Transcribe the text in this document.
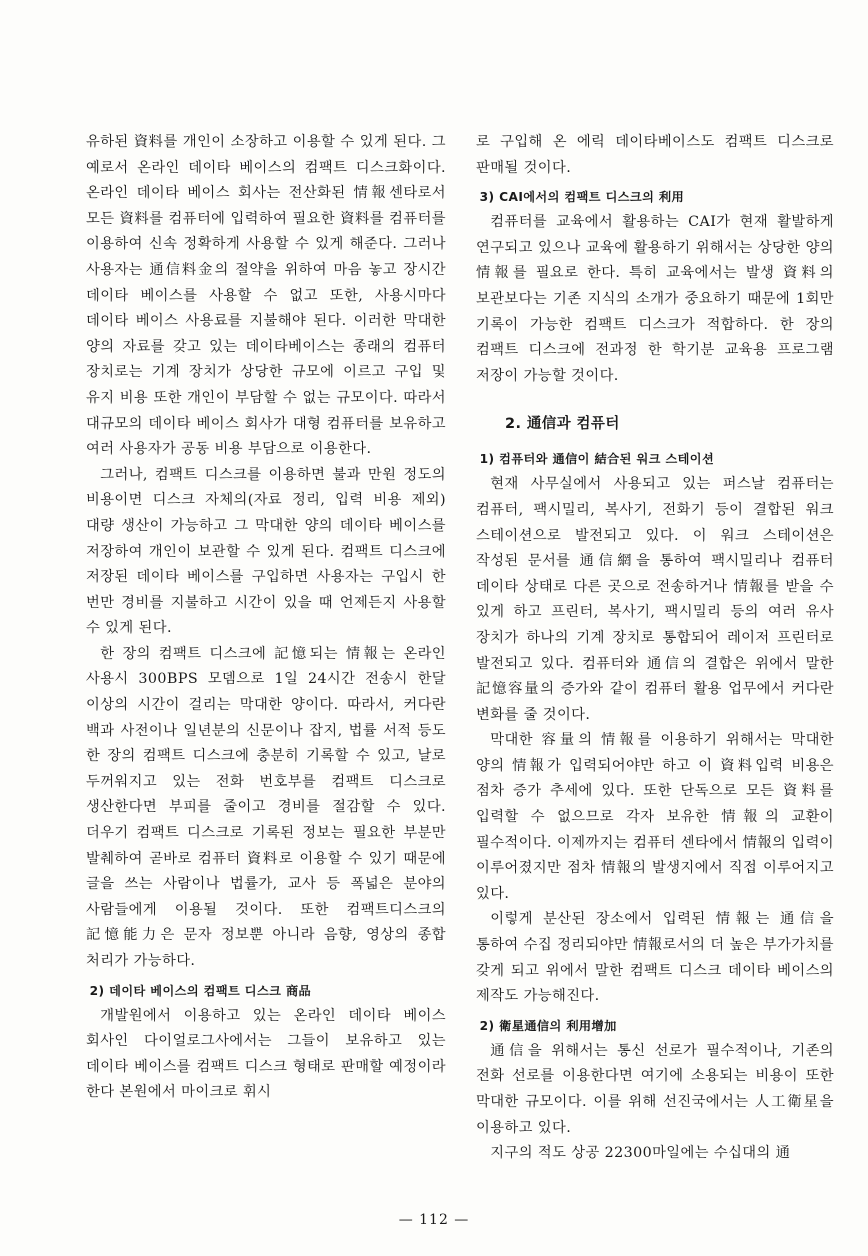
유하된 資料를 개인이 소장하고 이용할 수 있게 된다. 그 예로서 온라인 데이타 베이스의 컴팩트 디스크화이다. 온라인 데이타 베이스 회사는 전산화된 情報센타로서 모든 資料를 컴퓨터에 입력하여 필요한 資料를 컴퓨터를 이용하여 신속 정확하게 사용할 수 있게 해준다. 그러나 사용자는 通信料金의 절약을 위하여 마음 놓고 장시간 데이타 베이스를 사용할 수 없고 또한, 사용시마다 데이타 베이스 사용료를 지불해야 된다. 이러한 막대한 양의 자료를 갖고 있는 데이타베이스는 종래의 컴퓨터 장치로는 기계 장치가 상당한 규모에 이르고 구입 및 유지 비용 또한 개인이 부담할 수 없는 규모이다. 따라서 대규모의 데이타 베이스 회사가 대형 컴퓨터를 보유하고 여러 사용자가 공동 비용 부담으로 이용한다.

그러나, 컴팩트 디스크를 이용하면 불과 만원 정도의 비용이면 디스크 자체의(자료 정리, 입력 비용 제외) 대량 생산이 가능하고 그 막대한 양의 데이타 베이스를 저장하여 개인이 보관할 수 있게 된다. 컴팩트 디스크에 저장된 데이타 베이스를 구입하면 사용자는 구입시 한 번만 경비를 지불하고 시간이 있을 때 언제든지 사용할 수 있게 된다.

한 장의 컴팩트 디스크에 記憶되는 情報는 온라인 사용시 300BPS 모뎀으로 1일 24시간 전송시 한달 이상의 시간이 걸리는 막대한 양이다. 따라서, 커다란 백과 사전이나 일년분의 신문이나 잡지, 법률 서적 등도 한 장의 컴팩트 디스크에 충분히 기록할 수 있고, 날로 두꺼워지고 있는 전화 번호부를 컴팩트 디스크로 생산한다면 부피를 줄이고 경비를 절감할 수 있다. 더우기 컴팩트 디스크로 기록된 정보는 필요한 부분만 발췌하여 곧바로 컴퓨터 資料로 이용할 수 있기 때문에 글을 쓰는 사람이나 법률가, 교사 등 폭넓은 분야의 사람들에게 이용될 것이다. 또한 컴팩트디스크의 記憶能力은 문자 정보뿐 아니라 음향, 영상의 종합 처리가 가능하다.

2) 데이타 베이스의 컴팩트 디스크 商品

개발원에서 이용하고 있는 온라인 데이타 베이스 회사인 다이얼로그사에서는 그들이 보유하고 있는 데이타 베이스를 컴팩트 디스크 형태로 판매할 예정이라 한다 본원에서 마이크로 휘시

로 구입해 온 에릭 데이타베이스도 컴팩트 디스크로 판매될 것이다.

3) CAI에서의 컴팩트 디스크의 利用

컴퓨터를 교육에서 활용하는 CAI가 현재 활발하게 연구되고 있으나 교육에 활용하기 위해서는 상당한 양의 情報를 필요로 한다. 특히 교육에서는 발생 資料의 보관보다는 기존 지식의 소개가 중요하기 때문에 1회만 기록이 가능한 컴팩트 디스크가 적합하다. 한 장의 컴팩트 디스크에 전과정 한 학기분 교육용 프로그램 저장이 가능할 것이다.

2. 通信과 컴퓨터
1) 컴퓨터와 通信이 結合된 워크 스테이션

현재 사무실에서 사용되고 있는 퍼스날 컴퓨터는 컴퓨터, 팩시밀리, 복사기, 전화기 등이 결합된 워크 스테이션으로 발전되고 있다. 이 워크 스테이션은 작성된 문서를 通信網을 통하여 팩시밀리나 컴퓨터 데이타 상태로 다른 곳으로 전송하거나 情報를 받을 수 있게 하고 프린터, 복사기, 팩시밀리 등의 여러 유사 장치가 하나의 기계 장치로 통합되어 레이저 프린터로 발전되고 있다. 컴퓨터와 通信의 결합은 위에서 말한 記憶容量의 증가와 같이 컴퓨터 활용 업무에서 커다란 변화를 줄 것이다.

막대한 容量의 情報를 이용하기 위해서는 막대한 양의 情報가 입력되어야만 하고 이 資料입력 비용은 점차 증가 추세에 있다. 또한 단독으로 모든 資料를 입력할 수 없으므로 각자 보유한 情報의 교환이 필수적이다. 이제까지는 컴퓨터 센타에서 情報의 입력이 이루어졌지만 점차 情報의 발생지에서 직접 이루어지고 있다.

이렇게 분산된 장소에서 입력된 情報는 通信을 통하여 수집 정리되야만 情報로서의 더 높은 부가가치를 갖게 되고 위에서 말한 컴팩트 디스크 데이타 베이스의 제작도 가능해진다.

2) 衛星通信의 利用增加

通信을 위해서는 통신 선로가 필수적이나, 기존의 전화 선로를 이용한다면 여기에 소용되는 비용이 또한 막대한 규모이다. 이를 위해 선진국에서는 人工衛星을 이용하고 있다.

지구의 적도 상공 22300마일에는 수십대의 通

— 112 —
